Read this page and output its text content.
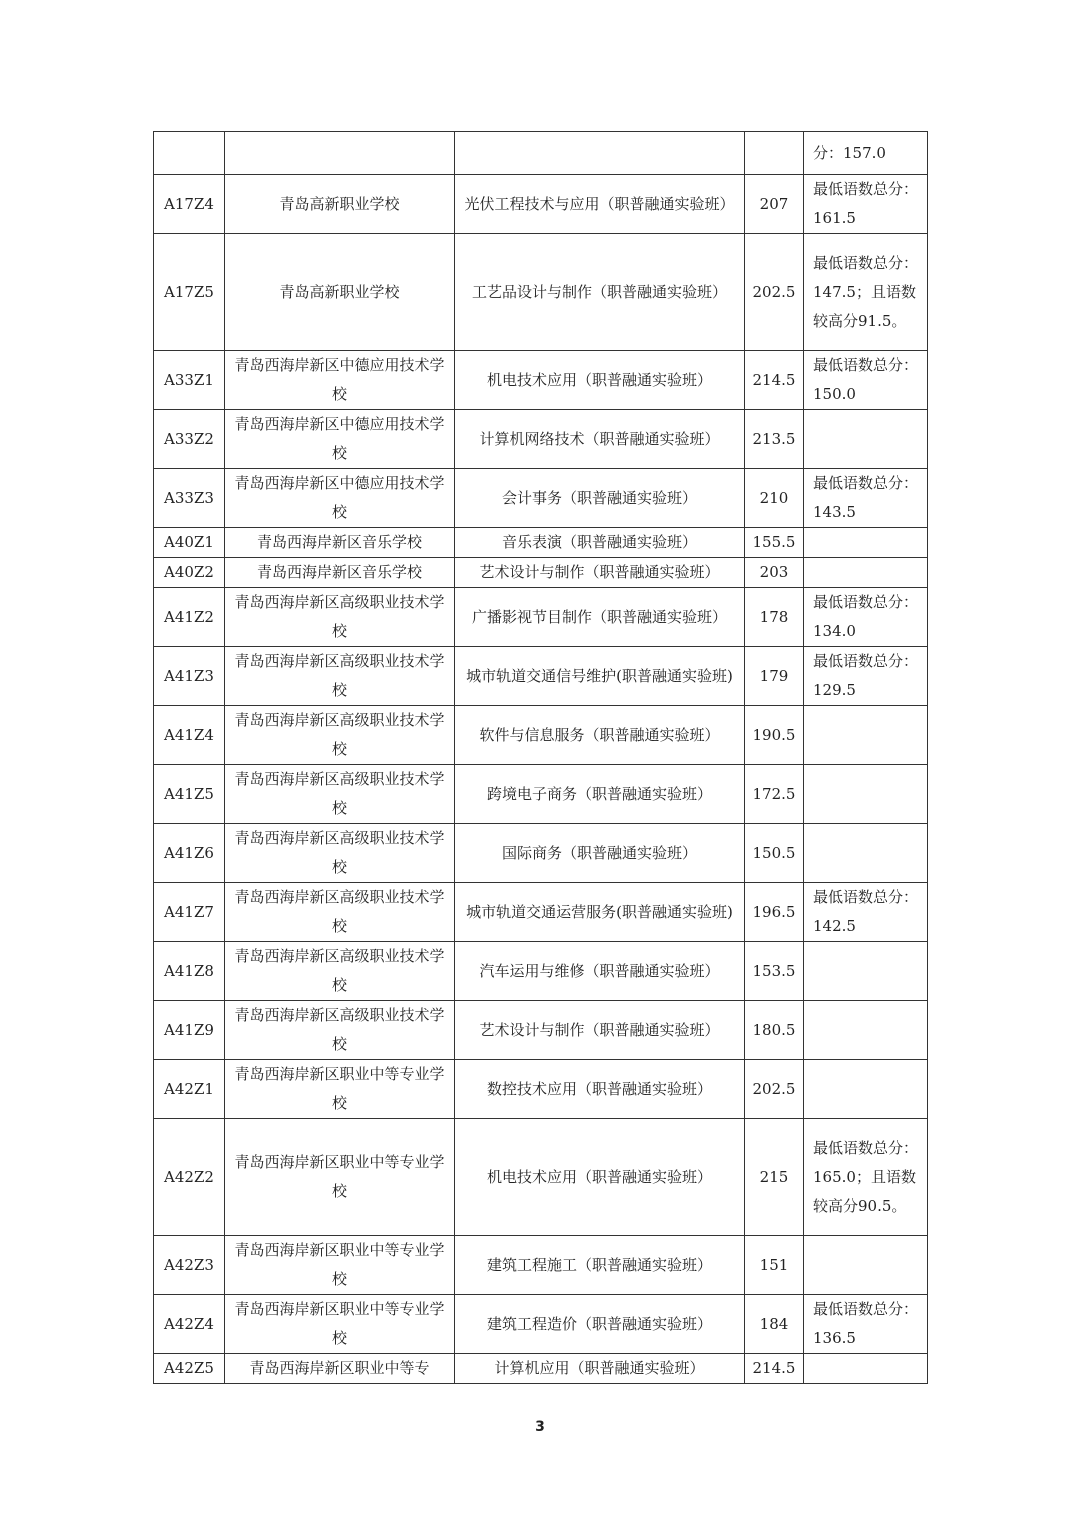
				分：157.0
A17Z4	青岛高新职业学校	光伏工程技术与应用（职普融通实验班）	207	最低语数总分：161.5
A17Z5	青岛高新职业学校	工艺品设计与制作（职普融通实验班）	202.5	最低语数总分：147.5；且语数较高分91.5。
A33Z1	青岛西海岸新区中德应用技术学校	机电技术应用（职普融通实验班）	214.5	最低语数总分：150.0
A33Z2	青岛西海岸新区中德应用技术学校	计算机网络技术（职普融通实验班）	213.5	
A33Z3	青岛西海岸新区中德应用技术学校	会计事务（职普融通实验班）	210	最低语数总分： 143.5
A40Z1	青岛西海岸新区音乐学校	音乐表演（职普融通实验班）	155.5	
A40Z2	青岛西海岸新区音乐学校	艺术设计与制作（职普融通实验班）	203	
A41Z2	青岛西海岸新区高级职业技术学校	广播影视节目制作（职普融通实验班）	178	最低语数总分： 134.0
A41Z3	青岛西海岸新区高级职业技术学校	城市轨道交通信号维护(职普融通实验班)	179	最低语数总分： 129.5
A41Z4	青岛西海岸新区高级职业技术学校	软件与信息服务（职普融通实验班）	190.5	
A41Z5	青岛西海岸新区高级职业技术学校	跨境电子商务（职普融通实验班）	172.5	
A41Z6	青岛西海岸新区高级职业技术学校	国际商务（职普融通实验班）	150.5	
A41Z7	青岛西海岸新区高级职业技术学校	城市轨道交通运营服务(职普融通实验班)	196.5	最低语数总分： 142.5
A41Z8	青岛西海岸新区高级职业技术学校	汽车运用与维修（职普融通实验班）	153.5	
A41Z9	青岛西海岸新区高级职业技术学校	艺术设计与制作（职普融通实验班）	180.5	
A42Z1	青岛西海岸新区职业中等专业学校	数控技术应用（职普融通实验班）	202.5	
A42Z2	青岛西海岸新区职业中等专业学校	机电技术应用（职普融通实验班）	215	最低语数总分： 165.0；且语数较高分90.5。
A42Z3	青岛西海岸新区职业中等专业学校	建筑工程施工（职普融通实验班）	151	
A42Z4	青岛西海岸新区职业中等专业学校	建筑工程造价（职普融通实验班）	184	最低语数总分： 136.5
A42Z5	青岛西海岸新区职业中等专	计算机应用（职普融通实验班）	214.5	
3
